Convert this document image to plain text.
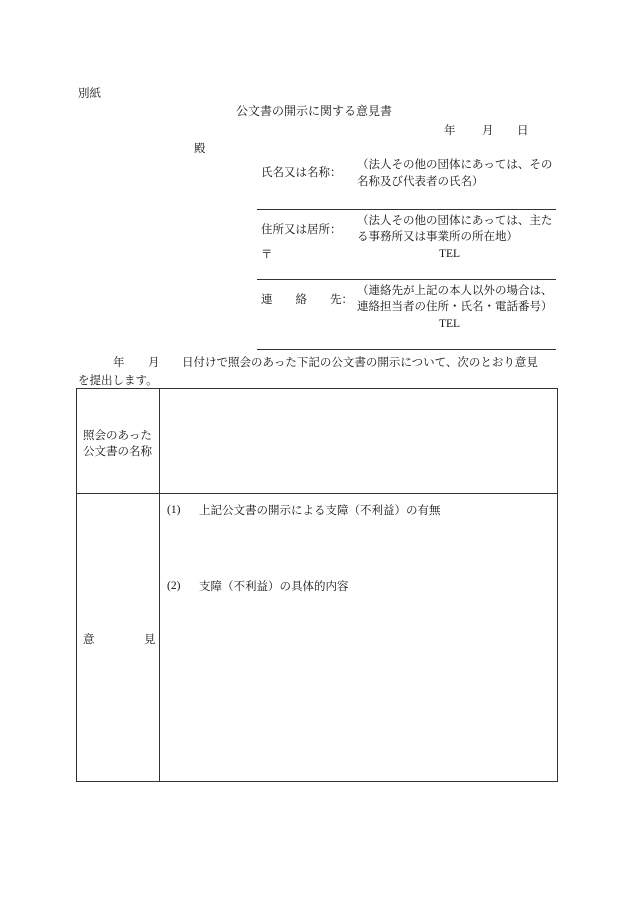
別紙
公文書の開示に関する意見書
年 月 日
殿
氏名又は名称：
（法人その他の団体にあっては、その
名称及び代表者の氏名）
住所又は居所：
（法人その他の団体にあっては、主た
る事務所又は事業所の所在地）
〒	TEL
連　　絡　　先：
（連絡先が上記の本人以外の場合は、
連絡担当者の住所・氏名・電話番号）
TEL
年 月 日付けで照会のあった下記の公文書の開示について、次のとおり意見
を提出します。
照会のあった
公文書の名称
意	見
(1) 上記公文書の開示による支障（不利益）の有無
(2) 支障（不利益）の具体的内容
